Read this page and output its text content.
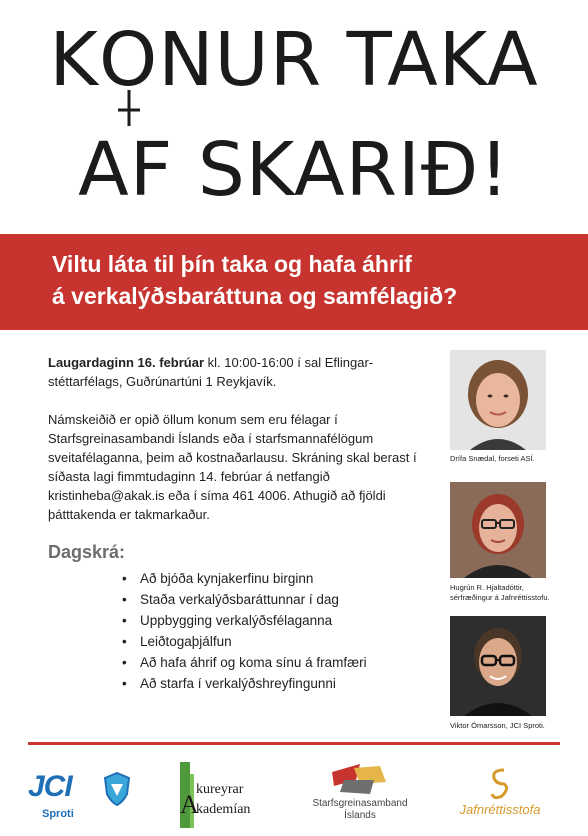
KO
NUR TAKA
AF SKARIÐ!
Viltu láta til þín taka og hafa áhrif
á verkalýðsbaráttuna og samfélagið?
Laugardaginn 16. febrúar kl. 10:00-16:00 í sal Eflingar-stéttarfélags, Guðrúnartúni 1 Reykjavík.
Námskeiðið er opið öllum konum sem eru félagar í Starfsgreinasambandi Íslands eða í starfsmannafélögum sveitafélaganna, þeim að kostnaðarlausu. Skráning skal berast í síðasta lagi fimmtudaginn 14. febrúar á netfangið kristinheba@akak.is eða í síma 461 4006. Athugið að fjöldi þátttakenda er takmarkaður.
Dagskrá:
• Að bjóða kynjakerfinu birginn
• Staða verkalýðsbaráttunnar í dag
• Uppbygging verkalýðsfélaganna
• Leiðtogaþjálfun
• Að hafa áhrif og koma sínu á framfæri
• Að starfa í verkalýðshreyfingunni
Drífa Snædal, forseti ASÍ.
Hugrún R. Hjaltadóttir,
sérfræðingur á Jafnréttisstofu.
Viktor Ómarsson, JCI Sproti.
JCI
Sproti	A
kureyrar
kademían	Starfsgreinasamband
Íslands	Jafnréttisstofa
